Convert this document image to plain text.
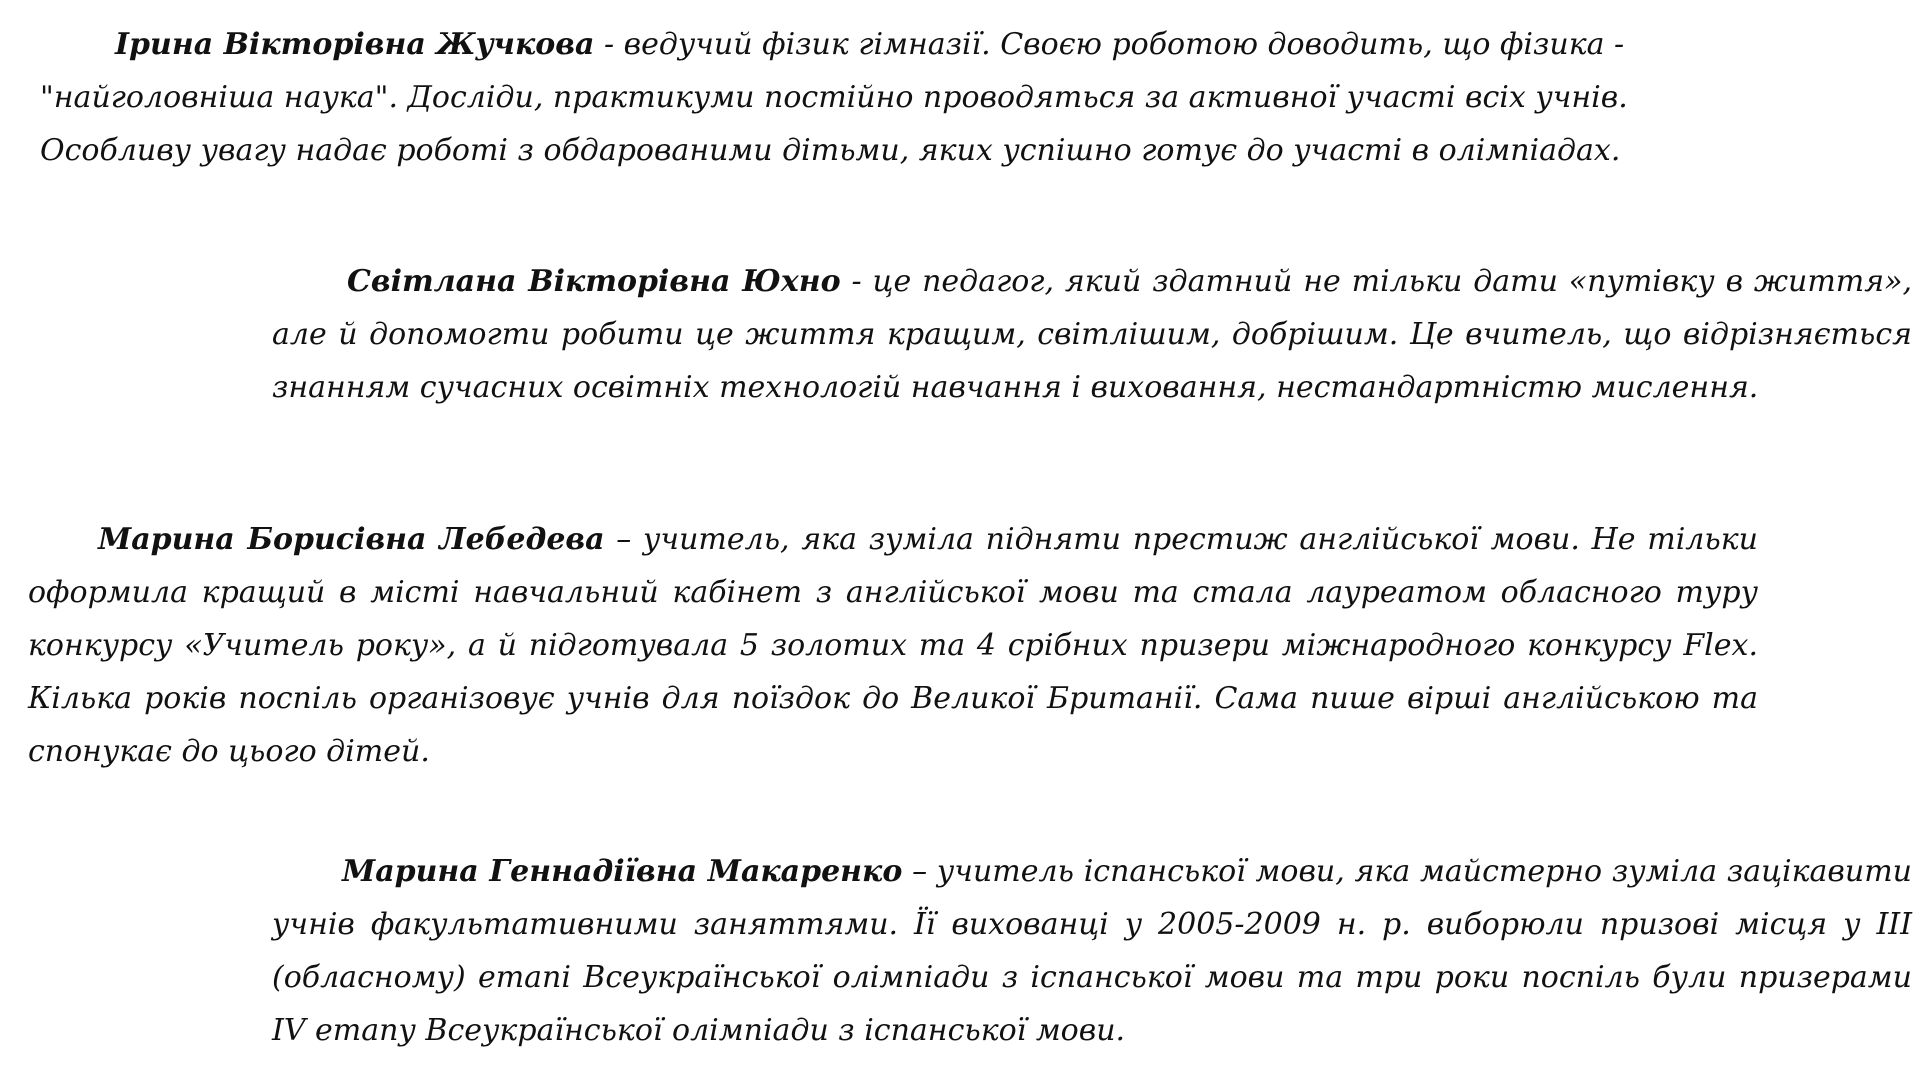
Ірина Вікторівна Жучкова - ведучий фізик гімназії. Своєю роботою доводить, що фізика - "найголовніша наука". Досліди, практикуми постійно проводяться за активної участі всіх учнів. Особливу увагу надає роботі з обдарованими дітьми, яких успішно готує до участі в олімпіадах.

Світлана Вікторівна Юхно - це педагог, який здатний не тільки дати «путівку в життя», але й допомогти робити це життя кращим, світлішим, добрішим. Це вчитель, що відрізняється знанням сучасних освітніх технологій навчання і виховання, нестандартністю мислення.

Марина Борисівна Лебедева – учитель, яка зуміла підняти престиж англійської мови. Не тільки оформила кращий в місті навчальний кабінет з англійської мови та стала лауреатом обласного туру конкурсу «Учитель року», а й підготувала 5 золотих та 4 срібних призери міжнародного конкурсу Flex. Кілька років поспіль організовує учнів для поїздок до Великої Британії. Сама пише вірші англійською та спонукає до цього дітей.

Марина Геннадіївна Макаренко – учитель іспанської мови, яка майстерно зуміла зацікавити учнів факультативними заняттями. Її вихованці у 2005-2009 н. р. виборюли призові місця у ІІІ (обласному) етапі Всеукраїнської олімпіади з іспанської мови та три роки поспіль були призерами IV етапу Всеукраїнської олімпіади з іспанської мови.
